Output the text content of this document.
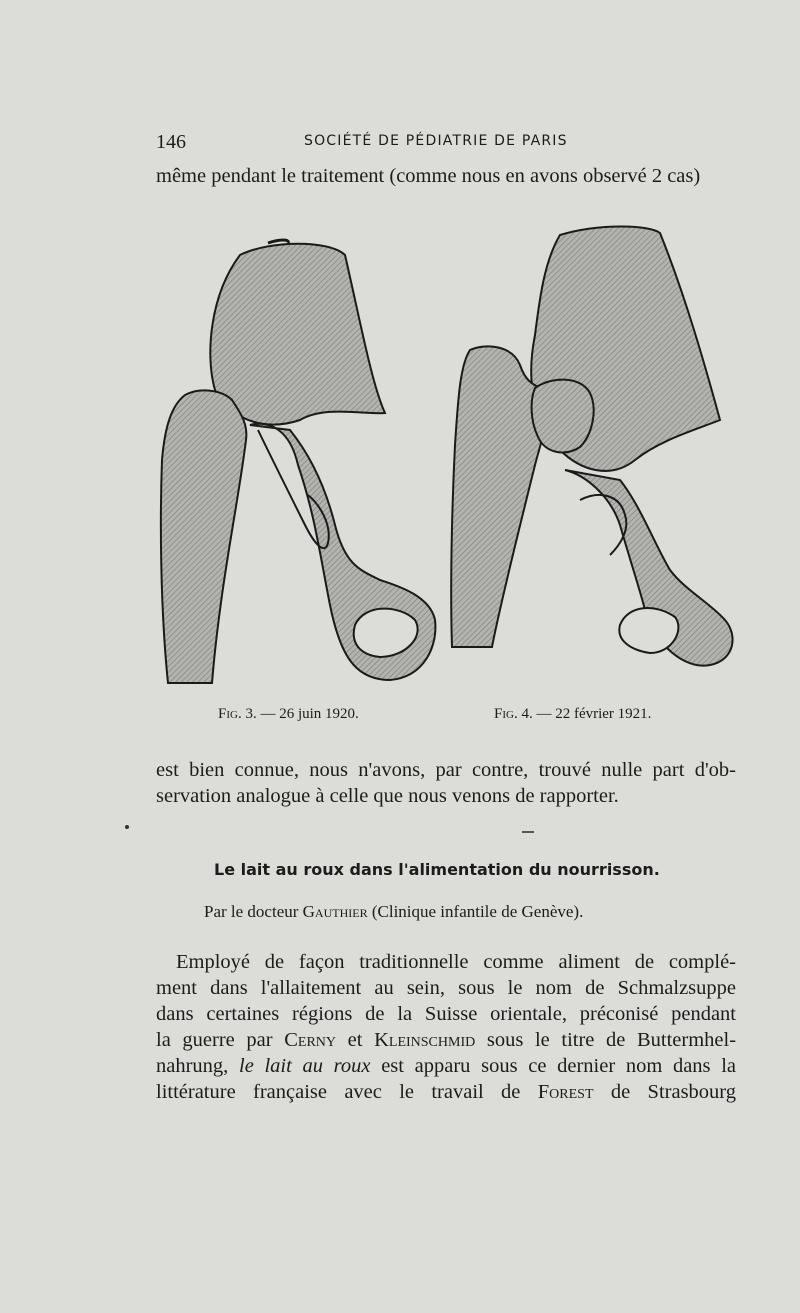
146	SOCIÉTÉ DE PÉDIATRIE DE PARIS
même pendant le traitement (comme nous en avons observé 2 cas)
Fig. 3. — 26 juin 1920.	Fig. 4. — 22 février 1921.
est bien connue, nous n'avons, par contre, trouvé nulle part d'ob-
servation analogue à celle que nous venons de rapporter.
Le lait au roux dans l'alimentation du nourrisson.
Par le docteur Gauthier (Clinique infantile de Genève).
Employé de façon traditionnelle comme aliment de complé-
ment dans l'allaitement au sein, sous le nom de Schmalzsuppe
dans certaines régions de la Suisse orientale, préconisé pendant
la guerre par Cerny et Kleinschmid sous le titre de Buttermhel-
nahrung, le lait au roux est apparu sous ce dernier nom dans la
littérature française avec le travail de Forest de Strasbourg
